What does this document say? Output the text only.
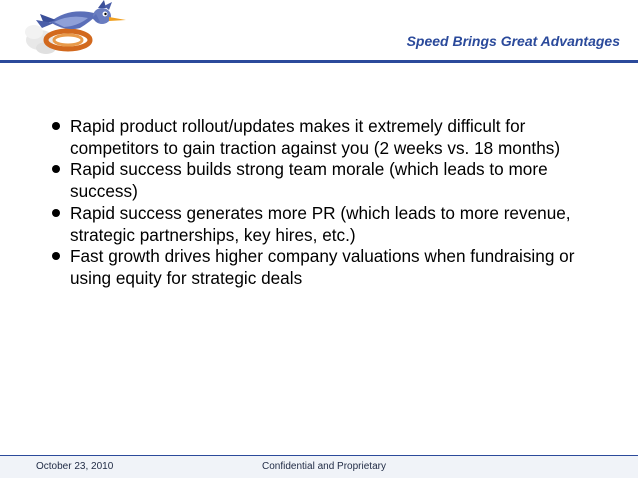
Speed Brings Great Advantages
Rapid product rollout/updates makes it extremely difficult for competitors to gain traction against you (2 weeks vs. 18 months)
Rapid success builds strong team morale (which leads to more success)
Rapid success generates more PR (which leads to more revenue, strategic partnerships, key hires, etc.)
Fast growth drives higher company valuations when fundraising or using equity for strategic deals
October 23, 2010	Confidential and Proprietary
